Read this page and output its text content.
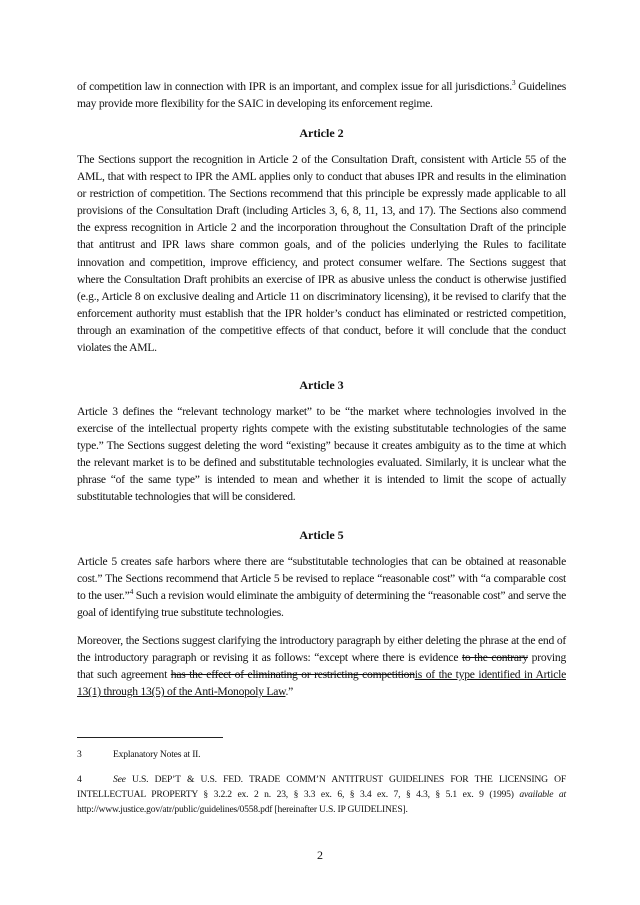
of competition law in connection with IPR is an important, and complex issue for all jurisdictions.$^3$ Guidelines may provide more flexibility for the SAIC in developing its enforcement regime.
Article 2
The Sections support the recognition in Article 2 of the Consultation Draft, consistent with Article 55 of the AML, that with respect to IPR the AML applies only to conduct that abuses IPR and results in the elimination or restriction of competition. The Sections recommend that this principle be expressly made applicable to all provisions of the Consultation Draft (including Articles 3, 6, 8, 11, 13, and 17). The Sections also commend the express recognition in Article 2 and the incorporation throughout the Consultation Draft of the principle that antitrust and IPR laws share common goals, and of the policies underlying the Rules to facilitate innovation and competition, improve efficiency, and protect consumer welfare. The Sections suggest that where the Consultation Draft prohibits an exercise of IPR as abusive unless the conduct is otherwise justified (e.g., Article 8 on exclusive dealing and Article 11 on discriminatory licensing), it be revised to clarify that the enforcement authority must establish that the IPR holder’s conduct has eliminated or restricted competition, through an examination of the competitive effects of that conduct, before it will conclude that the conduct violates the AML.
Article 3
Article 3 defines the “relevant technology market” to be “the market where technologies involved in the exercise of the intellectual property rights compete with the existing substitutable technologies of the same type.” The Sections suggest deleting the word “existing” because it creates ambiguity as to the time at which the relevant market is to be defined and substitutable technologies evaluated. Similarly, it is unclear what the phrase “of the same type” is intended to mean and whether it is intended to limit the scope of actually substitutable technologies that will be considered.
Article 5
Article 5 creates safe harbors where there are “substitutable technologies that can be obtained at reasonable cost.” The Sections recommend that Article 5 be revised to replace “reasonable cost” with “a comparable cost to the user.”$^4$ Such a revision would eliminate the ambiguity of determining the “reasonable cost” and serve the goal of identifying true substitute technologies.
Moreover, the Sections suggest clarifying the introductory paragraph by either deleting the phrase at the end of the introductory paragraph or revising it as follows: “except where there is evidence to the contrary proving that such agreement has the effect of eliminating or restricting competitionis of the type identified in Article 13(1) through 13(5) of the Anti-Monopoly Law.”
3	Explanatory Notes at II.
4	See U.S. DEP’T & U.S. FED. TRADE COMM’N ANTITRUST GUIDELINES FOR THE LICENSING OF INTELLECTUAL PROPERTY § 3.2.2 ex. 2 n. 23, § 3.3 ex. 6, § 3.4 ex. 7, § 4.3, § 5.1 ex. 9 (1995) available at http://www.justice.gov/atr/public/guidelines/0558.pdf [hereinafter U.S. IP GUIDELINES].
2
